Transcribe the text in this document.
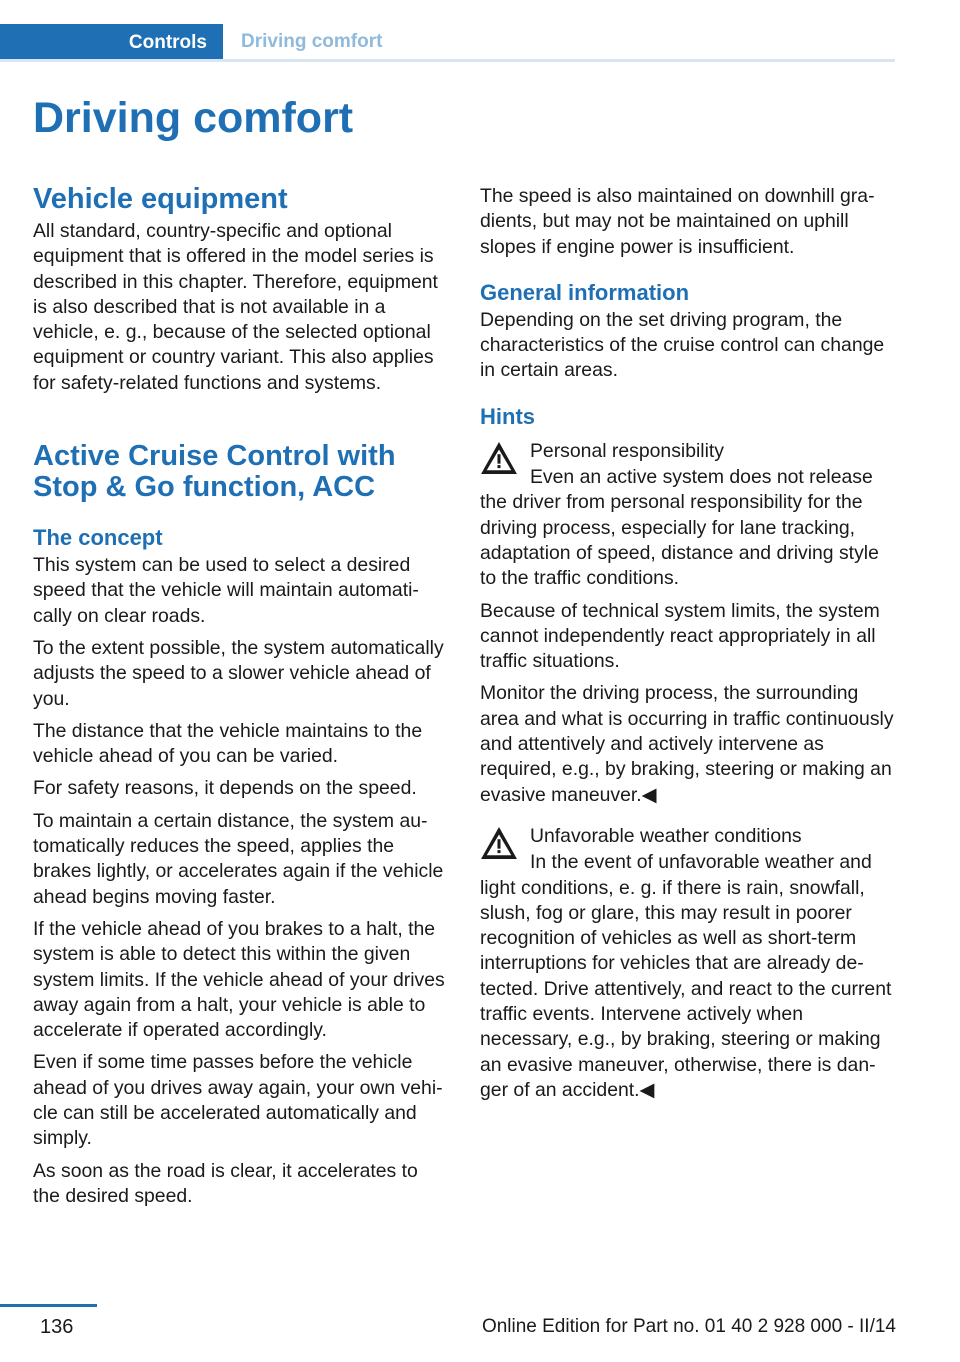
Controls Driving comfort
Driving comfort
Vehicle equipment

All standard, country-specific and optional equipment that is offered in the model series is described in this chapter. Therefore, equipment is also described that is not available in a vehicle, e. g., because of the selected optional equipment or country variant. This also applies for safety-related functions and systems.

Active Cruise Control with Stop & Go function, ACC
The concept

This system can be used to select a desired speed that the vehicle will maintain automatically on clear roads.

To the extent possible, the system automatically adjusts the speed to a slower vehicle ahead of you.

The distance that the vehicle maintains to the vehicle ahead of you can be varied.

For safety reasons, it depends on the speed.

To maintain a certain distance, the system automatically reduces the speed, applies the brakes lightly, or accelerates again if the vehicle ahead begins moving faster.

If the vehicle ahead of you brakes to a halt, the system is able to detect this within the given system limits. If the vehicle ahead of your drives away again from a halt, your vehicle is able to accelerate if operated accordingly.

Even if some time passes before the vehicle ahead of you drives away again, your own vehicle can still be accelerated automatically and simply.

As soon as the road is clear, it accelerates to the desired speed.

The speed is also maintained on downhill gradients, but may not be maintained on uphill slopes if engine power is insufficient.

General information

Depending on the set driving program, the characteristics of the cruise control can change in certain areas.

Hints
Personal responsibility

Even an active system does not release the driver from personal responsibility for the driving process, especially for lane tracking, adaptation of speed, distance and driving style to the traffic conditions.

Because of technical system limits, the system cannot independently react appropriately in all traffic situations.

Monitor the driving process, the surrounding area and what is occurring in traffic continuously and attentively and actively intervene as required, e.g., by braking, steering or making an evasive maneuver.◀

Unfavorable weather conditions

In the event of unfavorable weather and light conditions, e. g. if there is rain, snowfall, slush, fog or glare, this may result in poorer recognition of vehicles as well as short-term interruptions for vehicles that are already detected. Drive attentively, and react to the current traffic events. Intervene actively when necessary, e.g., by braking, steering or making an evasive maneuver, otherwise, there is danger of an accident.◀

136	Online Edition for Part no. 01 40 2 928 000 - II/14
